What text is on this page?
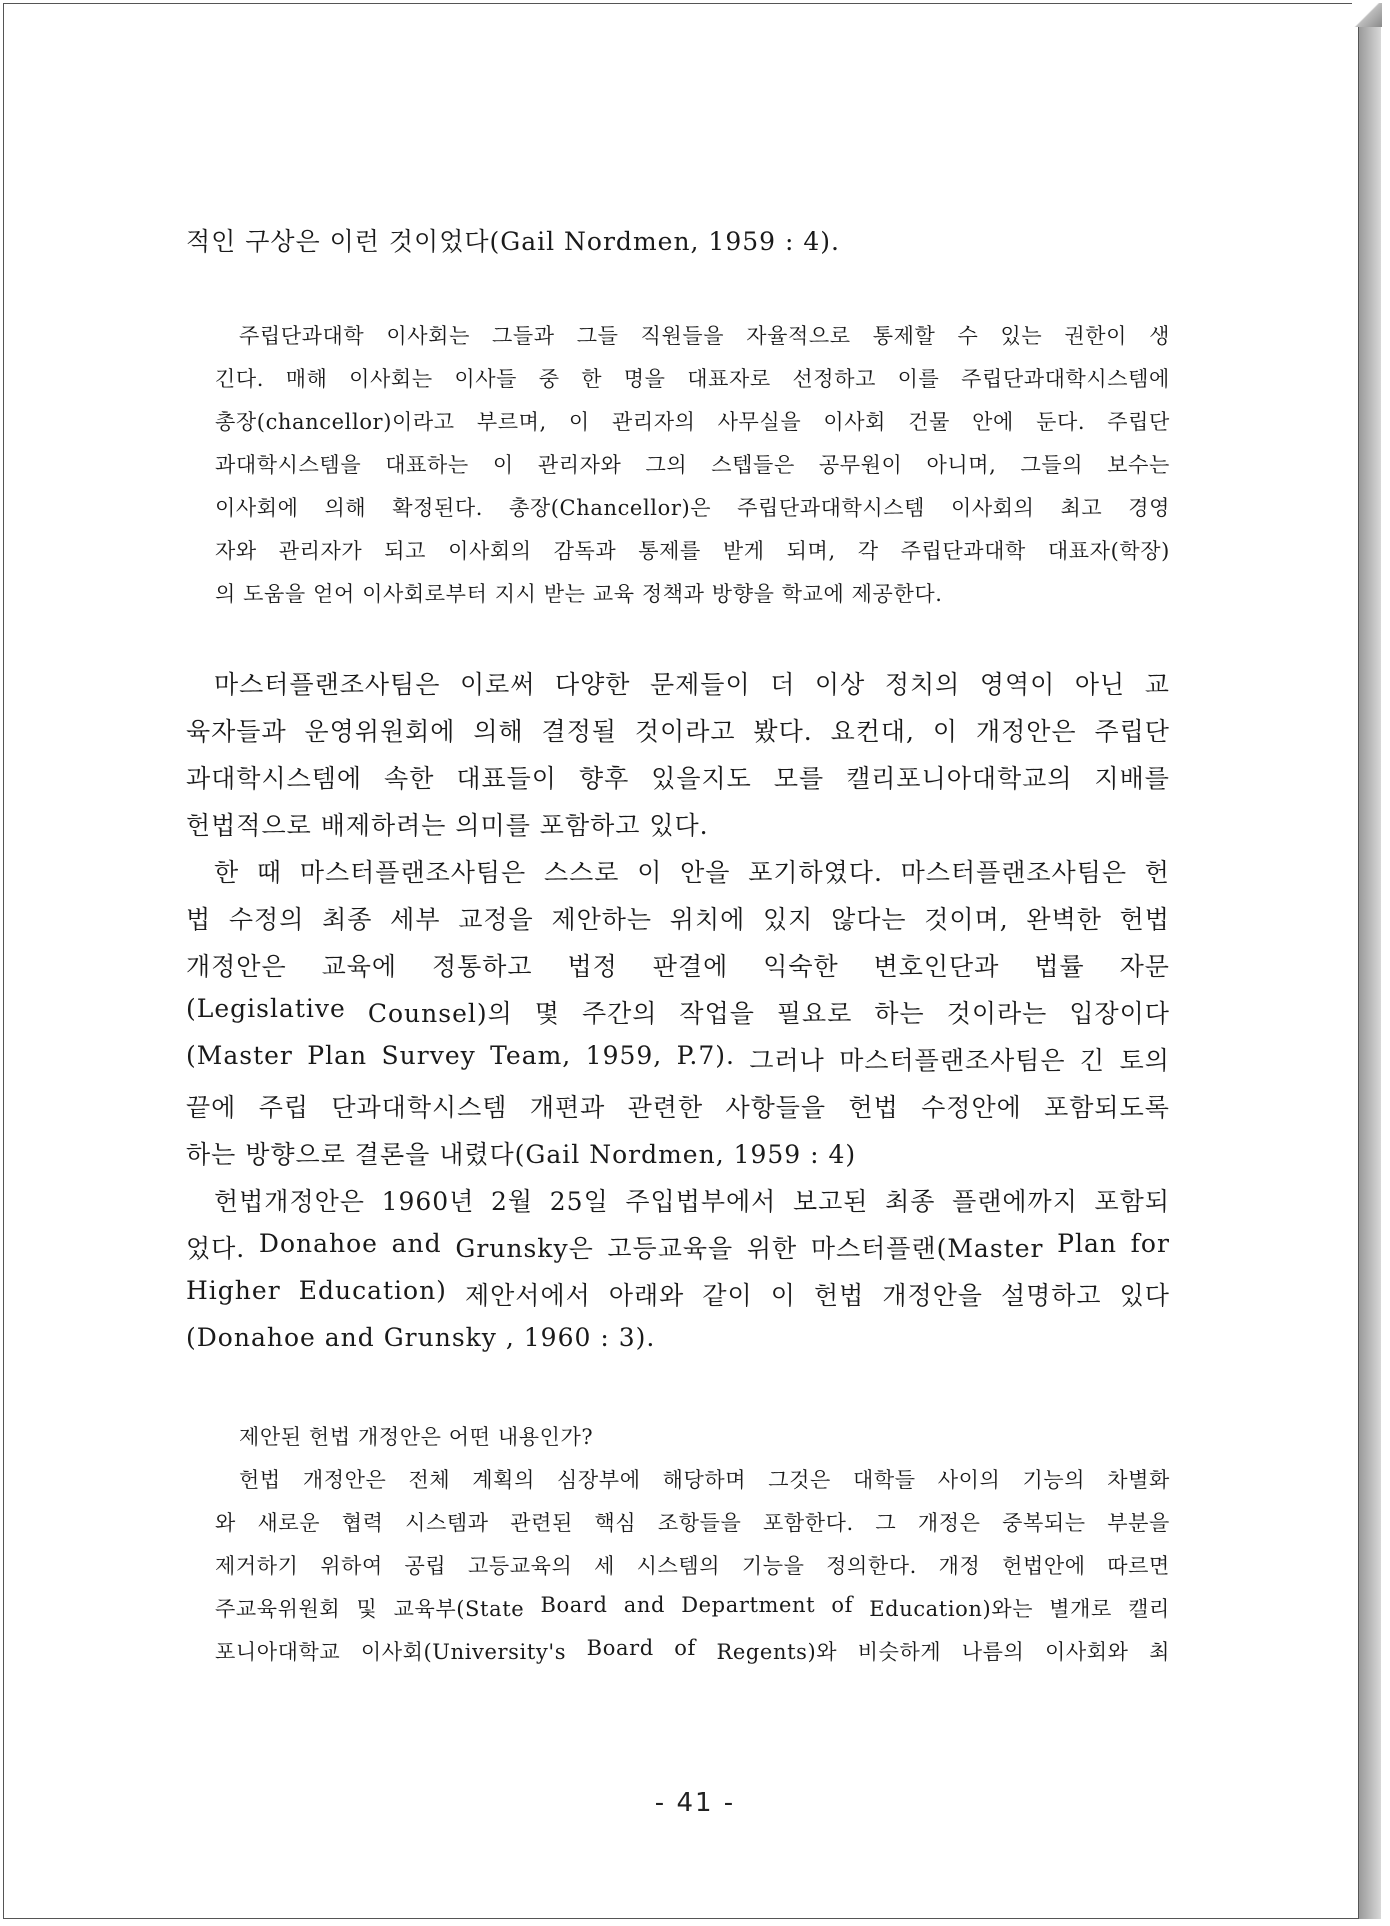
적인 구상은 이런 것이었다(Gail Nordmen, 1959 : 4).
주립단과대학 이사회는 그들과 그들 직원들을 자율적으로 통제할 수 있는 권한이 생
긴다. 매해 이사회는 이사들 중 한 명을 대표자로 선정하고 이를 주립단과대학시스템에
총장(chancellor)이라고 부르며, 이 관리자의 사무실을 이사회 건물 안에 둔다. 주립단
과대학시스템을 대표하는 이 관리자와 그의 스텝들은 공무원이 아니며, 그들의 보수는
이사회에 의해 확정된다. 총장(Chancellor)은 주립단과대학시스템 이사회의 최고 경영
자와 관리자가 되고 이사회의 감독과 통제를 받게 되며, 각 주립단과대학 대표자(학장)
의 도움을 얻어 이사회로부터 지시 받는 교육 정책과 방향을 학교에 제공한다.
마스터플랜조사팀은 이로써 다양한 문제들이 더 이상 정치의 영역이 아닌 교
육자들과 운영위원회에 의해 결정될 것이라고 봤다. 요컨대, 이 개정안은 주립단
과대학시스템에 속한 대표들이 향후 있을지도 모를 캘리포니아대학교의 지배를
헌법적으로 배제하려는 의미를 포함하고 있다.
한 때 마스터플랜조사팀은 스스로 이 안을 포기하였다. 마스터플랜조사팀은 헌
법 수정의 최종 세부 교정을 제안하는 위치에 있지 않다는 것이며, 완벽한 헌법
개정안은 교육에 정통하고 법정 판결에 익숙한 변호인단과 법률 자문
(Legislative Counsel)의 몇 주간의 작업을 필요로 하는 것이라는 입장이다
(Master Plan Survey Team, 1959, P.7). 그러나 마스터플랜조사팀은 긴 토의
끝에 주립 단과대학시스템 개편과 관련한 사항들을 헌법 수정안에 포함되도록
하는 방향으로 결론을 내렸다(Gail Nordmen, 1959 : 4)
헌법개정안은 1960년 2월 25일 주입법부에서 보고된 최종 플랜에까지 포함되
었다. Donahoe and Grunsky은 고등교육을 위한 마스터플랜(Master Plan for
Higher Education) 제안서에서 아래와 같이 이 헌법 개정안을 설명하고 있다
(Donahoe and Grunsky , 1960 : 3).
제안된 헌법 개정안은 어떤 내용인가?
헌법 개정안은 전체 계획의 심장부에 해당하며 그것은 대학들 사이의 기능의 차별화
와 새로운 협력 시스템과 관련된 핵심 조항들을 포함한다. 그 개정은 중복되는 부분을
제거하기 위하여 공립 고등교육의 세 시스템의 기능을 정의한다. 개정 헌법안에 따르면
주교육위원회 및 교육부(State Board and Department of Education)와는 별개로 캘리
포니아대학교 이사회(University's Board of Regents)와 비슷하게 나름의 이사회와 최
- 41 -
